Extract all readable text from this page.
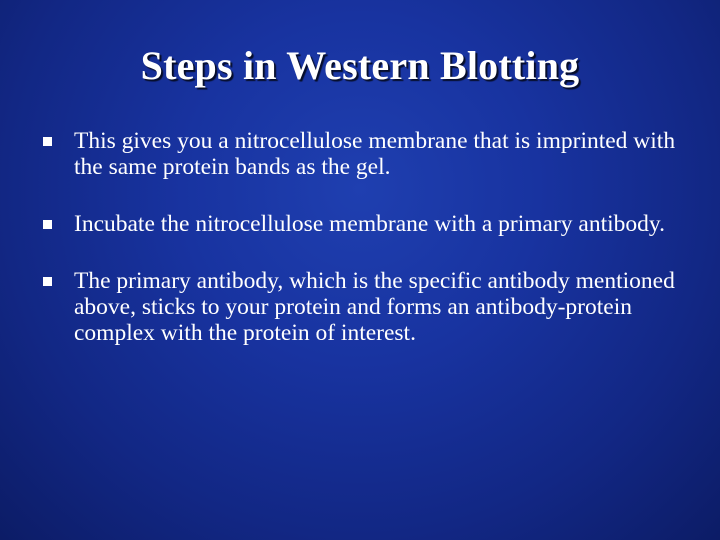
Steps in Western Blotting
This gives you a nitrocellulose membrane that is imprinted with the same protein bands as the gel.
Incubate the nitrocellulose membrane with a primary antibody.
The primary antibody, which is the specific antibody mentioned above, sticks to your protein and forms an antibody-protein complex with the protein of interest.
